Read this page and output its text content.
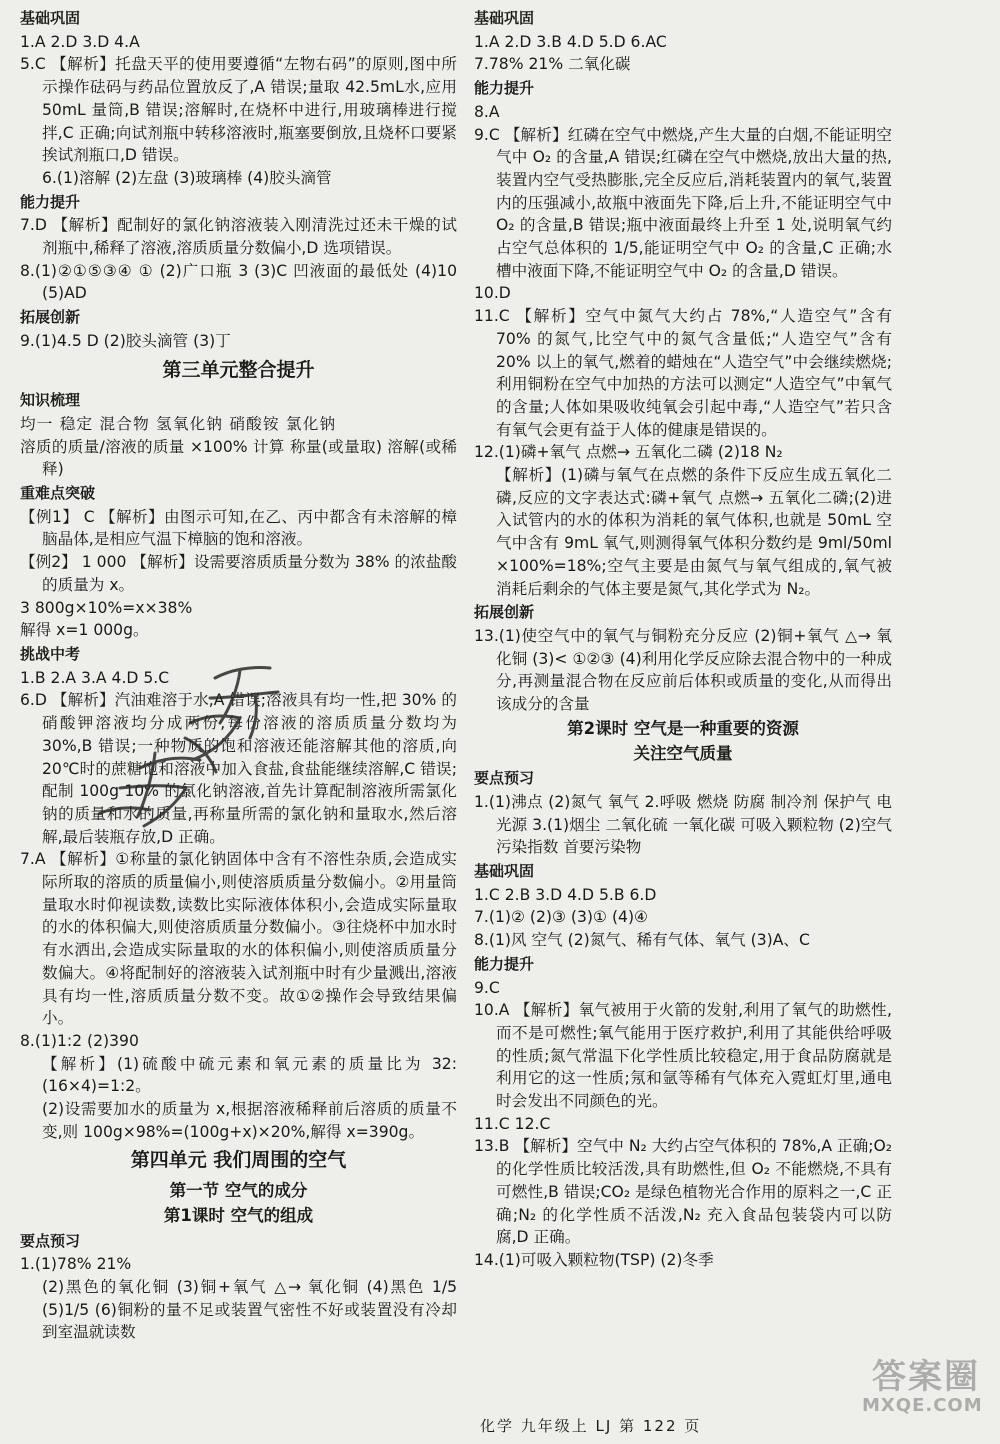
基础巩固

1.A 2.D 3.D 4.A

5.C 【解析】托盘天平的使用要遵循“左物右码”的原则,图中所示操作砝码与药品位置放反了,A 错误;量取 42.5mL水,应用 50mL 量筒,B 错误;溶解时,在烧杯中进行,用玻璃棒进行搅拌,C 正确;向试剂瓶中转移溶液时,瓶塞要倒放,且烧杯口要紧挨试剂瓶口,D 错误。

6.(1)溶解 (2)左盘 (3)玻璃棒 (4)胶头滴管

能力提升

7.D 【解析】配制好的氯化钠溶液装入刚清洗过还未干燥的试剂瓶中,稀释了溶液,溶质质量分数偏小,D 选项错误。

8.(1)②①⑤③④ ① (2)广口瓶 3 (3)C 凹液面的最低处 (4)10 (5)AD

拓展创新

9.(1)4.5 D (2)胶头滴管 (3)丁

第三单元整合提升

知识梳理

均一 稳定 混合物 氢氧化钠 硝酸铵 氯化钠

溶质的质量/溶液的质量 ×100% 计算 称量(或量取) 溶解(或稀释)

重难点突破

【例1】 C 【解析】由图示可知,在乙、丙中都含有未溶解的樟脑晶体,是相应气温下樟脑的饱和溶液。

【例2】 1 000 【解析】设需要溶质质量分数为 38% 的浓盐酸的质量为 x。

3 800g×10%=x×38%

解得 x=1 000g。

挑战中考

1.B 2.A 3.A 4.D 5.C

6.D 【解析】汽油难溶于水,A 错误;溶液具有均一性,把 30% 的硝酸钾溶液均分成两份,每份溶液的溶质质量分数均为 30%,B 错误;一种物质的饱和溶液还能溶解其他的溶质,向 20℃时的蔗糖饱和溶液中加入食盐,食盐能继续溶解,C 错误;配制 100g 10% 的氯化钠溶液,首先计算配制溶液所需氯化钠的质量和水的质量,再称量所需的氯化钠和量取水,然后溶解,最后装瓶存放,D 正确。

7.A 【解析】①称量的氯化钠固体中含有不溶性杂质,会造成实际所取的溶质的质量偏小,则使溶质质量分数偏小。②用量筒量取水时仰视读数,读数比实际液体体积小,会造成实际量取的水的体积偏大,则使溶质质量分数偏小。③往烧杯中加水时有水洒出,会造成实际量取的水的体积偏小,则使溶质质量分数偏大。④将配制好的溶液装入试剂瓶中时有少量溅出,溶液具有均一性,溶质质量分数不变。故①②操作会导致结果偏小。

8.(1)1:2 (2)390

【解析】(1)硫酸中硫元素和氧元素的质量比为 32:(16×4)=1:2。

(2)设需要加水的质量为 x,根据溶液稀释前后溶质的质量不变,则 100g×98%=(100g+x)×20%,解得 x=390g。

第四单元 我们周围的空气

第一节 空气的成分

第1课时 空气的组成

要点预习

1.(1)78% 21%

(2)黑色的氧化铜 (3)铜+氧气 △→ 氧化铜 (4)黑色 1/5 (5)1/5 (6)铜粉的量不足或装置气密性不好或装置没有冷却到室温就读数

基础巩固

1.A 2.D 3.B 4.D 5.D 6.AC

7.78% 21% 二氧化碳

能力提升

8.A

9.C 【解析】红磷在空气中燃烧,产生大量的白烟,不能证明空气中 O₂ 的含量,A 错误;红磷在空气中燃烧,放出大量的热,装置内空气受热膨胀,完全反应后,消耗装置内的氧气,装置内的压强减小,故瓶中液面先下降,后上升,不能证明空气中 O₂ 的含量,B 错误;瓶中液面最终上升至 1 处,说明氧气约占空气总体积的 1/5,能证明空气中 O₂ 的含量,C 正确;水槽中液面下降,不能证明空气中 O₂ 的含量,D 错误。

10.D

11.C 【解析】空气中氮气大约占 78%,“人造空气”含有 70% 的氮气,比空气中的氮气含量低;“人造空气”含有 20% 以上的氧气,燃着的蜡烛在“人造空气”中会继续燃烧;利用铜粉在空气中加热的方法可以测定“人造空气”中氧气的含量;人体如果吸收纯氧会引起中毒,“人造空气”若只含有氧气会更有益于人体的健康是错误的。

12.(1)磷+氧气 点燃→ 五氧化二磷 (2)18 N₂

【解析】(1)磷与氧气在点燃的条件下反应生成五氧化二磷,反应的文字表达式:磷+氧气 点燃→ 五氧化二磷;(2)进入试管内的水的体积为消耗的氧气体积,也就是 50mL 空气中含有 9mL 氧气,则测得氧气体积分数约是 9ml/50ml ×100%=18%;空气主要是由氮气与氧气组成的,氧气被消耗后剩余的气体主要是氮气,其化学式为 N₂。

拓展创新

13.(1)使空气中的氧气与铜粉充分反应 (2)铜+氧气 △→ 氧化铜 (3)< ①②③ (4)利用化学反应除去混合物中的一种成分,再测量混合物在反应前后体积或质量的变化,从而得出该成分的含量

第2课时 空气是一种重要的资源

关注空气质量

要点预习

1.(1)沸点 (2)氮气 氧气 2.呼吸 燃烧 防腐 制冷剂 保护气 电光源 3.(1)烟尘 二氧化硫 一氧化碳 可吸入颗粒物 (2)空气污染指数 首要污染物

基础巩固

1.C 2.B 3.D 4.D 5.B 6.D

7.(1)② (2)③ (3)① (4)④

8.(1)风 空气 (2)氮气、稀有气体、氧气 (3)A、C

能力提升

9.C

10.A 【解析】氧气被用于火箭的发射,利用了氧气的助燃性,而不是可燃性;氧气能用于医疗救护,利用了其能供给呼吸的性质;氮气常温下化学性质比较稳定,用于食品防腐就是利用它的这一性质;氖和氩等稀有气体充入霓虹灯里,通电时会发出不同颜色的光。

11.C 12.C

13.B 【解析】空气中 N₂ 大约占空气体积的 78%,A 正确;O₂ 的化学性质比较活泼,具有助燃性,但 O₂ 不能燃烧,不具有可燃性,B 错误;CO₂ 是绿色植物光合作用的原料之一,C 正确;N₂ 的化学性质不活泼,N₂ 充入食品包装袋内可以防腐,D 正确。

14.(1)可吸入颗粒物(TSP) (2)冬季

化学 九年级上 LJ 第 122 页
答案圈
MXQE.COM
